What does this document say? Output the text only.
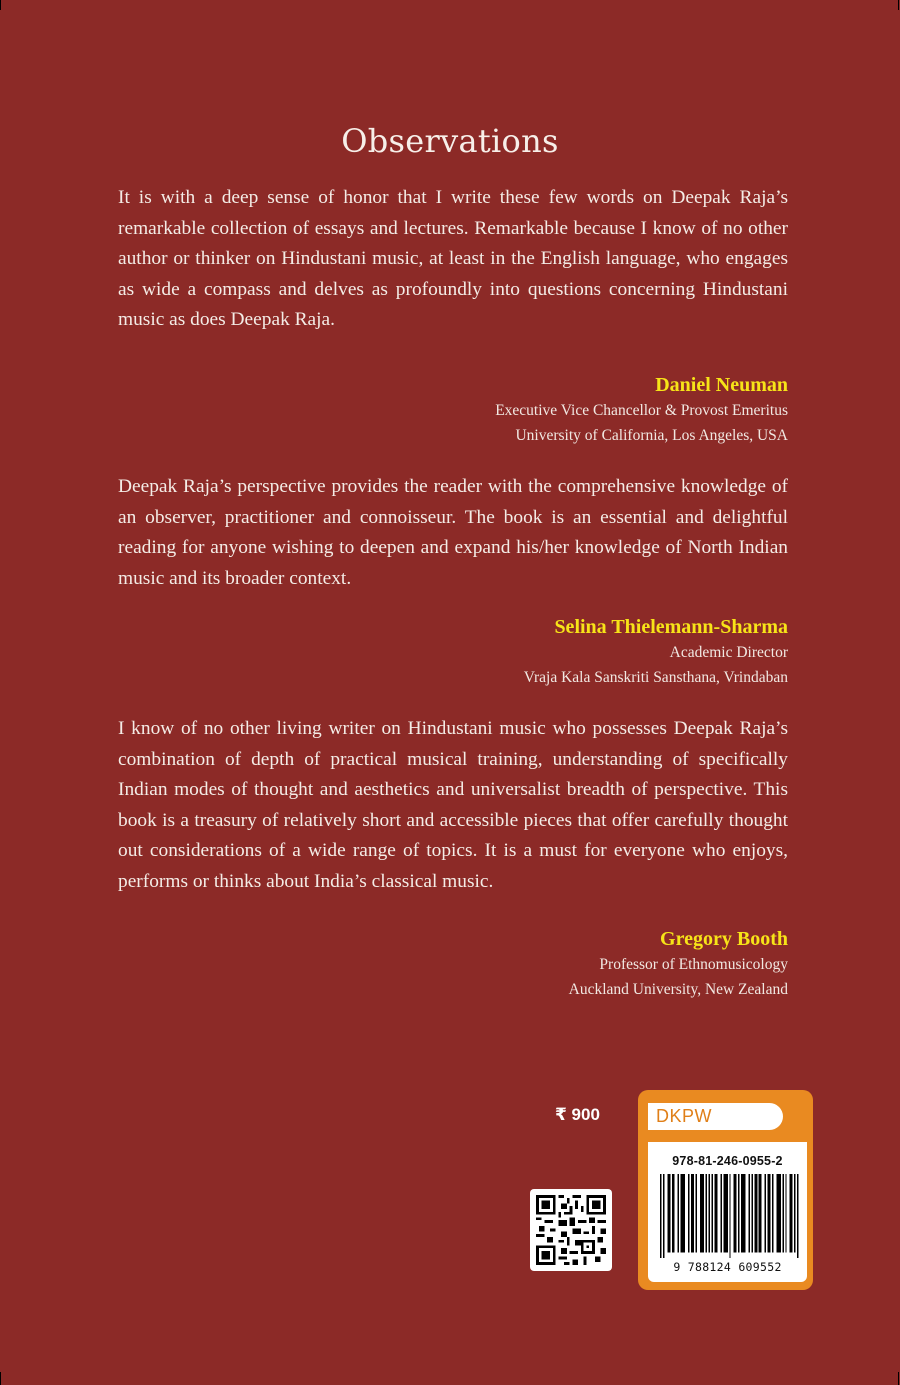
Observations
It is with a deep sense of honor that I write these few words on Deepak Raja’s remarkable collection of essays and lectures. Remarkable because I know of no other author or thinker on Hindustani music, at least in the English language, who engages as wide a compass and delves as profoundly into questions concerning Hindustani music as does Deepak Raja.
Daniel Neuman
Executive Vice Chancellor & Provost Emeritus
University of California, Los Angeles, USA
Deepak Raja’s perspective provides the reader with the comprehensive knowledge of an observer, practitioner and connoisseur. The book is an essential and delightful reading for anyone wishing to deepen and expand his/her knowledge of North Indian music and its broader context.
Selina Thielemann-Sharma
Academic Director
Vraja Kala Sanskriti Sansthana, Vrindaban
I know of no other living writer on Hindustani music who possesses Deepak Raja’s combination of depth of practical musical training, understanding of specifically Indian modes of thought and aesthetics and universalist breadth of perspective. This book is a treasury of relatively short and accessible pieces that offer carefully thought out considerations of a wide range of topics. It is a must for everyone who enjoys, performs or thinks about India’s classical music.
Gregory Booth
Professor of Ethnomusicology
Auckland University, New Zealand
₹ 900	DKPW
978-81-246-0955-2
9 788124 609552
